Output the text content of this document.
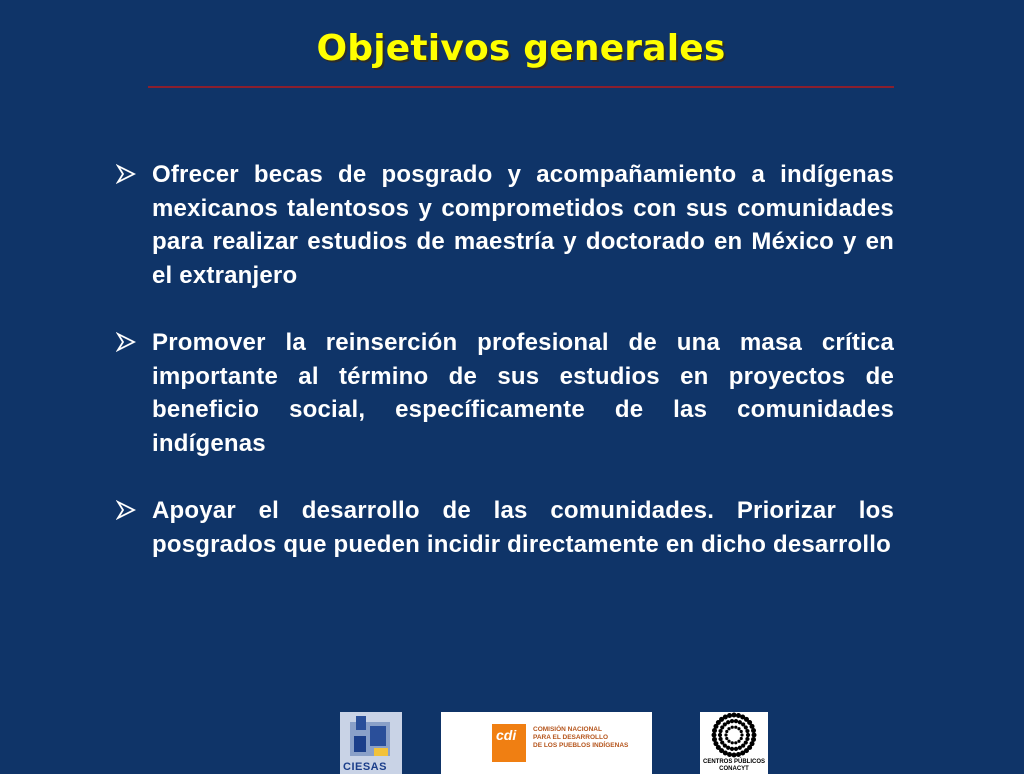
Objetivos generales
Ofrecer becas de posgrado y acompañamiento a indígenas mexicanos talentosos y comprometidos con sus comunidades para realizar estudios de maestría y doctorado en México y en el extranjero
Promover la reinserción profesional de una masa crítica importante al término de sus estudios en proyectos de beneficio social, específicamente de las comunidades indígenas
Apoyar el desarrollo de las comunidades. Priorizar los posgrados que pueden incidir directamente en dicho desarrollo
CIESAS
cdi	COMISIÓN NACIONAL
PARA EL DESARROLLO
DE LOS PUEBLOS INDÍGENAS
CENTROS PÚBLICOS
CONACYT
